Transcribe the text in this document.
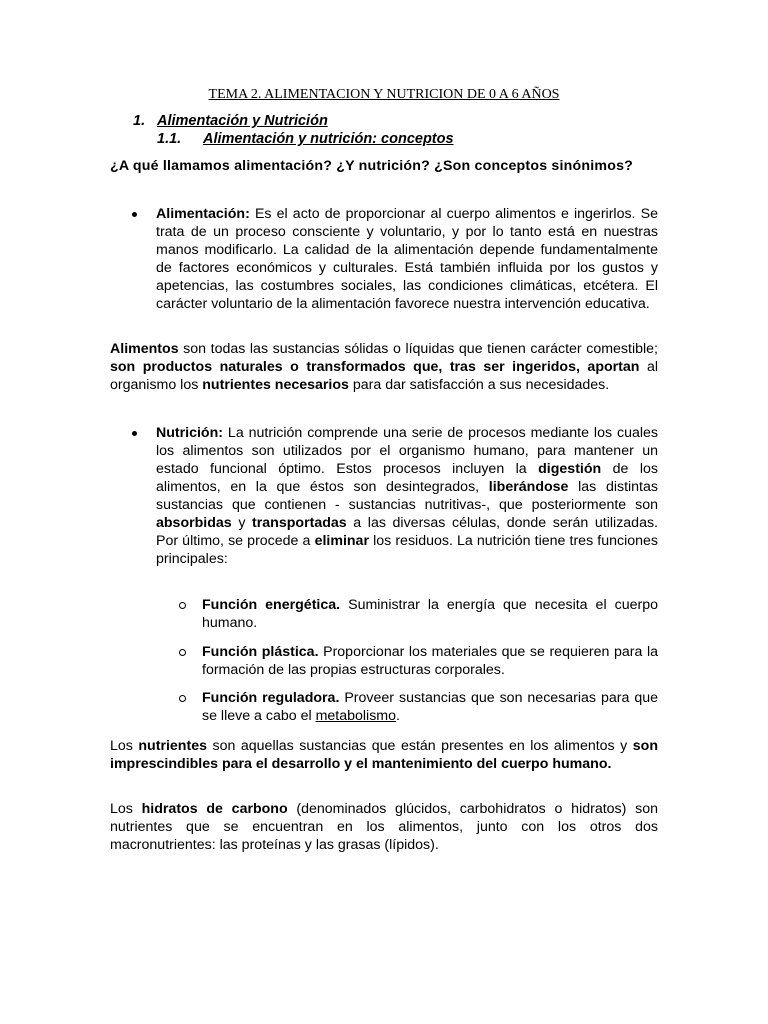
TEMA 2. ALIMENTACION Y NUTRICION DE 0 A 6 AÑOS
1. Alimentación y Nutrición
1.1. Alimentación y nutrición: conceptos
¿A qué llamamos alimentación? ¿Y nutrición? ¿Son conceptos sinónimos?
Alimentación: Es el acto de proporcionar al cuerpo alimentos e ingerirlos. Se trata de un proceso consciente y voluntario, y por lo tanto está en nuestras manos modificarlo. La calidad de la alimentación depende fundamentalmente de factores económicos y culturales. Está también influida por los gustos y apetencias, las costumbres sociales, las condiciones climáticas, etcétera. El carácter voluntario de la alimentación favorece nuestra intervención educativa.
Alimentos son todas las sustancias sólidas o líquidas que tienen carácter comestible; son productos naturales o transformados que, tras ser ingeridos, aportan al organismo los nutrientes necesarios para dar satisfacción a sus necesidades.
Nutrición: La nutrición comprende una serie de procesos mediante los cuales los alimentos son utilizados por el organismo humano, para mantener un estado funcional óptimo. Estos procesos incluyen la digestión de los alimentos, en la que éstos son desintegrados, liberándose las distintas sustancias que contienen - sustancias nutritivas-, que posteriormente son absorbidas y transportadas a las diversas células, donde serán utilizadas. Por último, se procede a eliminar los residuos. La nutrición tiene tres funciones principales:
Función energética. Suministrar la energía que necesita el cuerpo humano.
Función plástica. Proporcionar los materiales que se requieren para la formación de las propias estructuras corporales.
Función reguladora. Proveer sustancias que son necesarias para que se lleve a cabo el metabolismo.
Los nutrientes son aquellas sustancias que están presentes en los alimentos y son imprescindibles para el desarrollo y el mantenimiento del cuerpo humano.
Los hidratos de carbono (denominados glúcidos, carbohidratos o hidratos) son nutrientes que se encuentran en los alimentos, junto con los otros dos macronutrientes: las proteínas y las grasas (lípidos).
